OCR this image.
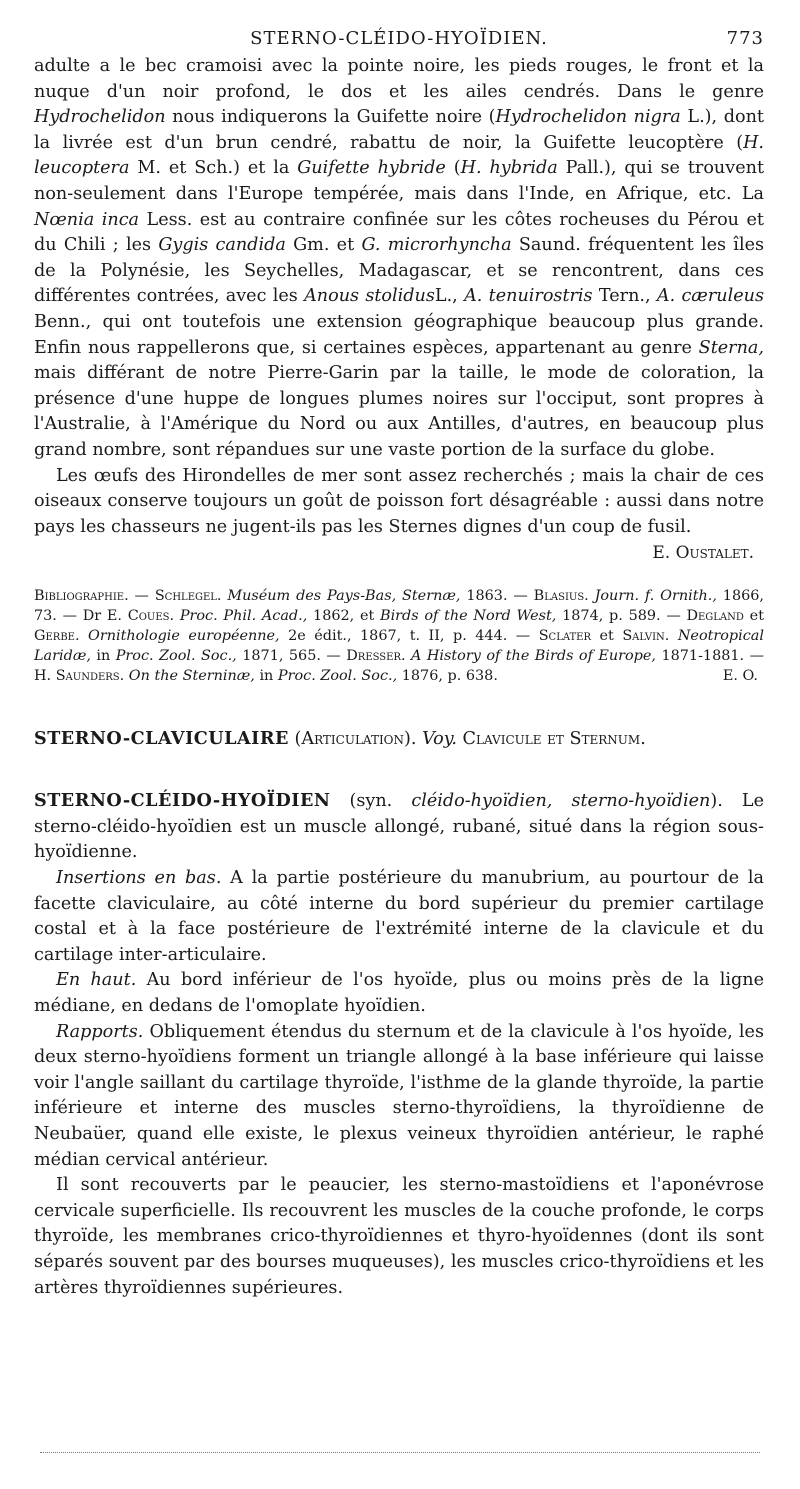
STERNO-CLÉIDO-HYOÏDIEN.	773

adulte a le bec cramoisi avec la pointe noire, les pieds rouges, le front et la nuque d'un noir profond, le dos et les ailes cendrés. Dans le genre Hydrochelidon nous indiquerons la Guifette noire (Hydrochelidon nigra L.), dont la livrée est d'un brun cendré, rabattu de noir, la Guifette leucoptère (H. leucoptera M. et Sch.) et la Guifette hybride (H. hybrida Pall.), qui se trouvent non-seulement dans l'Europe tempérée, mais dans l'Inde, en Afrique, etc. La Nœnia inca Less. est au contraire confinée sur les côtes rocheuses du Pérou et du Chili ; les Gygis candida Gm. et G. microrhyncha Saund. fréquentent les îles de la Polynésie, les Seychelles, Madagascar, et se rencontrent, dans ces différentes contrées, avec les Anous stolidusL., A. tenuirostris Tern., A. cæruleus Benn., qui ont toutefois une extension géographique beaucoup plus grande. Enfin nous rappellerons que, si certaines espèces, appartenant au genre Sterna, mais différant de notre Pierre-Garin par la taille, le mode de coloration, la présence d'une huppe de longues plumes noires sur l'occiput, sont propres à l'Australie, à l'Amérique du Nord ou aux Antilles, d'autres, en beaucoup plus grand nombre, sont répandues sur une vaste portion de la surface du globe.

Les œufs des Hirondelles de mer sont assez recherchés ; mais la chair de ces oiseaux conserve toujours un goût de poisson fort désagréable : aussi dans notre pays les chasseurs ne jugent-ils pas les Sternes dignes d'un coup de fusil.

E. Oustalet.
Bibliographie. — Schlegel. Muséum des Pays-Bas, Sternæ, 1863. — Blasius. Journ. f. Ornith., 1866, 73. — Dr E. Coues. Proc. Phil. Acad., 1862, et Birds of the Nord West, 1874, p. 589. — Degland et Gerbe. Ornithologie européenne, 2e édit., 1867, t. II, p. 444. — Sclater et Salvin. Neotropical Laridæ, in Proc. Zool. Soc., 1871, 565. — Dresser. A History of the Birds of Europe, 1871-1881. — H. Saunders. On the Sterninæ, in Proc. Zool. Soc., 1876, p. 638.	E. O.

STERNO-CLAVICULAIRE (Articulation). Voy. Clavicule et Sternum.

STERNO-CLÉIDO-HYOÏDIEN (syn. cléido-hyoïdien, sterno-hyoïdien). Le sterno-cléido-hyoïdien est un muscle allongé, rubané, situé dans la région sous-hyoïdienne.

Insertions en bas. A la partie postérieure du manubrium, au pourtour de la facette claviculaire, au côté interne du bord supérieur du premier cartilage costal et à la face postérieure de l'extrémité interne de la clavicule et du cartilage inter-articulaire.

En haut. Au bord inférieur de l'os hyoïde, plus ou moins près de la ligne médiane, en dedans de l'omoplate hyoïdien.

Rapports. Obliquement étendus du sternum et de la clavicule à l'os hyoïde, les deux sterno-hyoïdiens forment un triangle allongé à la base inférieure qui laisse voir l'angle saillant du cartilage thyroïde, l'isthme de la glande thyroïde, la partie inférieure et interne des muscles sterno-thyroïdiens, la thyroïdienne de Neubaüer, quand elle existe, le plexus veineux thyroïdien antérieur, le raphé médian cervical antérieur.

Il sont recouverts par le peaucier, les sterno-mastoïdiens et l'aponévrose cervicale superficielle. Ils recouvrent les muscles de la couche profonde, le corps thyroïde, les membranes crico-thyroïdiennes et thyro-hyoïdennes (dont ils sont séparés souvent par des bourses muqueuses), les muscles crico-thyroïdiens et les artères thyroïdiennes supérieures.
